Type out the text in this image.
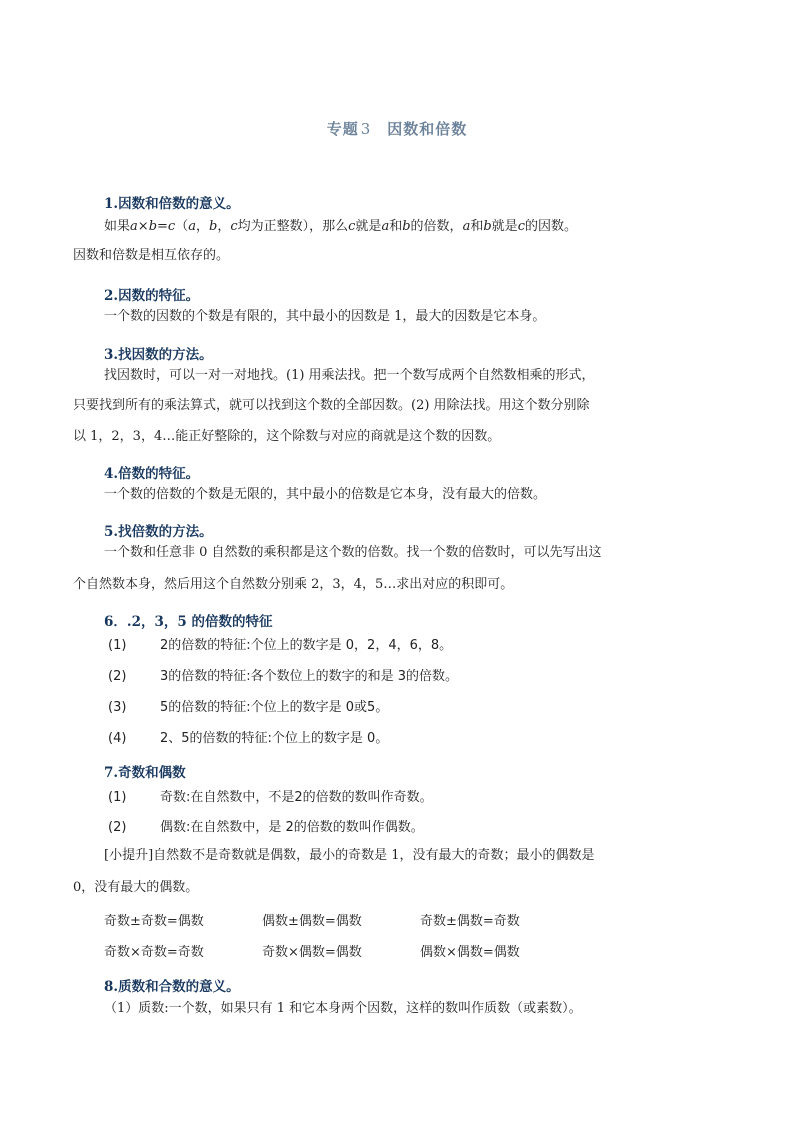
专题 3 因数和倍数
1.因数和倍数的意义。
如果a×b=c（a，b，c均为正整数），那么c就是a和b的倍数，a和b就是c的因数。
因数和倍数是相互依存的。
2.因数的特征。
一个数的因数的个数是有限的，其中最小的因数是 1，最大的因数是它本身。
3.找因数的方法。
找因数时，可以一对一对地找。(1) 用乘法找。把一个数写成两个自然数相乘的形式，
只要找到所有的乘法算式，就可以找到这个数的全部因数。(2) 用除法找。用这个数分别除
以 1，2，3，4…能正好整除的，这个除数与对应的商就是这个数的因数。
4.倍数的特征。
一个数的倍数的个数是无限的，其中最小的倍数是它本身，没有最大的倍数。
5.找倍数的方法。
一个数和任意非 0 自然数的乘积都是这个数的倍数。找一个数的倍数时，可以先写出这
个自然数本身，然后用这个自然数分别乘 2，3，4，5…求出对应的积即可。
6．.2，3，5 的倍数的特征
(1)	2的倍数的特征:个位上的数字是 0，2，4，6，8。
(2)	3的倍数的特征:各个数位上的数字的和是 3的倍数。
(3)	5的倍数的特征:个位上的数字是 0或5。
(4)	2、5的倍数的特征:个位上的数字是 0。
7.奇数和偶数
(1)	奇数:在自然数中，不是2的倍数的数叫作奇数。
(2)	偶数:在自然数中，是 2的倍数的数叫作偶数。
[小提升]自然数不是奇数就是偶数，最小的奇数是 1，没有最大的奇数；最小的偶数是
0，没有最大的偶数。
奇数±奇数=偶数	偶数±偶数=偶数	奇数±偶数=奇数
奇数×奇数=奇数	奇数×偶数=偶数	偶数×偶数=偶数
8.质数和合数的意义。
（1）质数:一个数，如果只有 1 和它本身两个因数，这样的数叫作质数（或素数）。
